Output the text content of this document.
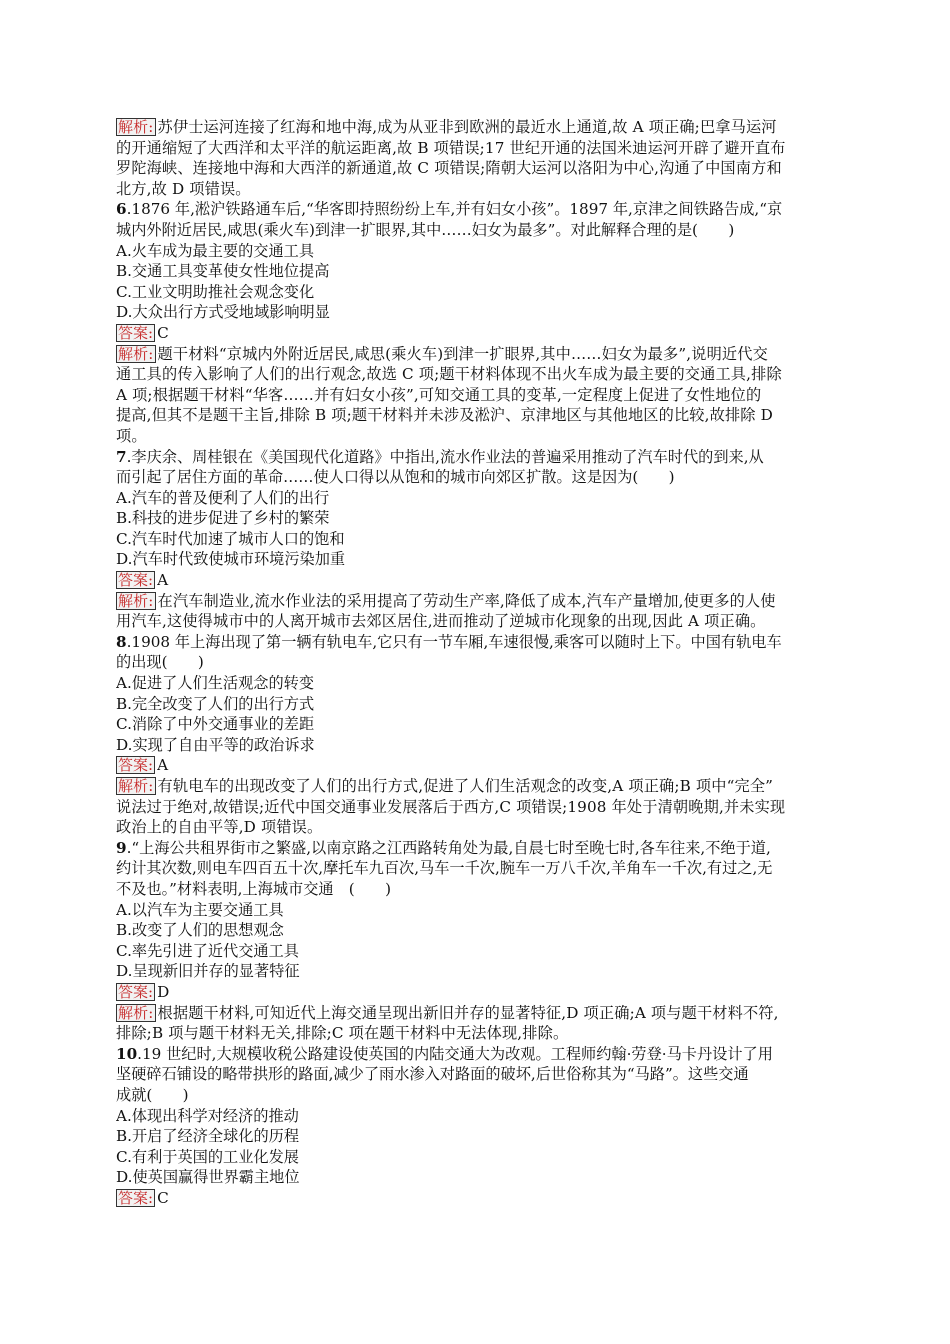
解析: 苏伊士运河连接了红海和地中海,成为从亚非到欧洲的最近水上通道,故 A 项正确;巴拿马运河
的开通缩短了大西洋和太平洋的航运距离,故 B 项错误;17 世纪开通的法国米迪运河开辟了避开直布
罗陀海峡、连接地中海和大西洋的新通道,故 C 项错误;隋朝大运河以洛阳为中心,沟通了中国南方和
北方,故 D 项错误。
6.1876 年,淞沪铁路通车后,“华客即持照纷纷上车,并有妇女小孩”。1897 年,京津之间铁路告成,“京
城内外附近居民,咸思(乘火车)到津一扩眼界,其中……妇女为最多”。对此解释合理的是(　　)
A.火车成为最主要的交通工具
B.交通工具变革使女性地位提高
C.工业文明助推社会观念变化
D.大众出行方式受地域影响明显
答案: C
解析: 题干材料“京城内外附近居民,咸思(乘火车)到津一扩眼界,其中……妇女为最多”,说明近代交
通工具的传入影响了人们的出行观念,故选 C 项;题干材料体现不出火车成为最主要的交通工具,排除
A 项;根据题干材料“华客……并有妇女小孩”,可知交通工具的变革,一定程度上促进了女性地位的
提高,但其不是题干主旨,排除 B 项;题干材料并未涉及淞沪、京津地区与其他地区的比较,故排除 D
项。
7.李庆余、周桂银在《美国现代化道路》中指出,流水作业法的普遍采用推动了汽车时代的到来,从
而引起了居住方面的革命……使人口得以从饱和的城市向郊区扩散。这是因为(　　)
A.汽车的普及便利了人们的出行
B.科技的进步促进了乡村的繁荣
C.汽车时代加速了城市人口的饱和
D.汽车时代致使城市环境污染加重
答案: A
解析: 在汽车制造业,流水作业法的采用提高了劳动生产率,降低了成本,汽车产量增加,使更多的人使
用汽车,这使得城市中的人离开城市去郊区居住,进而推动了逆城市化现象的出现,因此 A 项正确。
8.1908 年上海出现了第一辆有轨电车,它只有一节车厢,车速很慢,乘客可以随时上下。中国有轨电车
的出现(　　)
A.促进了人们生活观念的转变
B.完全改变了人们的出行方式
C.消除了中外交通事业的差距
D.实现了自由平等的政治诉求
答案: A
解析: 有轨电车的出现改变了人们的出行方式,促进了人们生活观念的改变,A 项正确;B 项中“完全”
说法过于绝对,故错误;近代中国交通事业发展落后于西方,C 项错误;1908 年处于清朝晚期,并未实现
政治上的自由平等,D 项错误。
9.“上海公共租界街市之繁盛,以南京路之江西路转角处为最,自晨七时至晚七时,各车往来,不绝于道,
约计其次数,则电车四百五十次,摩托车九百次,马车一千次,腕车一万八千次,羊角车一千次,有过之,无
不及也。”材料表明,上海城市交通　(　　)
A.以汽车为主要交通工具
B.改变了人们的思想观念
C.率先引进了近代交通工具
D.呈现新旧并存的显著特征
答案: D
解析: 根据题干材料,可知近代上海交通呈现出新旧并存的显著特征,D 项正确;A 项与题干材料不符,
排除;B 项与题干材料无关,排除;C 项在题干材料中无法体现,排除。
10.19 世纪时,大规模收税公路建设使英国的内陆交通大为改观。工程师约翰·劳登·马卡丹设计了用
坚硬碎石铺设的略带拱形的路面,减少了雨水渗入对路面的破坏,后世俗称其为“马路”。这些交通
成就(　　)
A.体现出科学对经济的推动
B.开启了经济全球化的历程
C.有利于英国的工业化发展
D.使英国赢得世界霸主地位
答案: C
